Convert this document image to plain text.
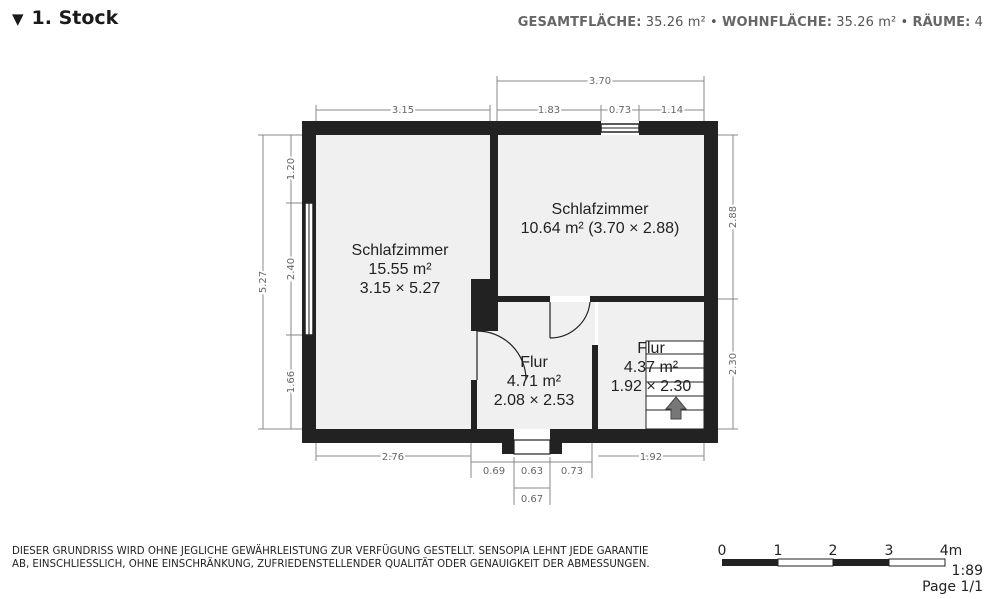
▼ 1. Stock	GESAMTFLÄCHE: 35.26 m² • WOHNFLÄCHE: 35.26 m² • RÄUME: 4
Schlafzimmer
15.55 m²
3.15 × 5.27
Schlafzimmer
10.64 m² (3.70 × 2.88)
Flur
4.71 m²
2.08 × 2.53
Flur
4.37 m²
1.92 × 2.30
3.70
3.15	1.83	0.73	1.14
5.27
1.20
2.40
1.66
2.88
2.30
2.76
0.69 0.63 0.73
1.92
0.67
DIESER GRUNDRISS WIRD OHNE JEGLICHE GEWÄHRLEISTUNG ZUR VERFÜGUNG GESTELLT. SENSOPIA LEHNT JEDE GARANTIE
AB, EINSCHLIESSLICH, OHNE EINSCHRÄNKUNG, ZUFRIEDENSTELLENDER QUALITÄT ODER GENAUIGKEIT DER ABMESSUNGEN.
0	1	2	3	4m
1:89
Page 1/1
